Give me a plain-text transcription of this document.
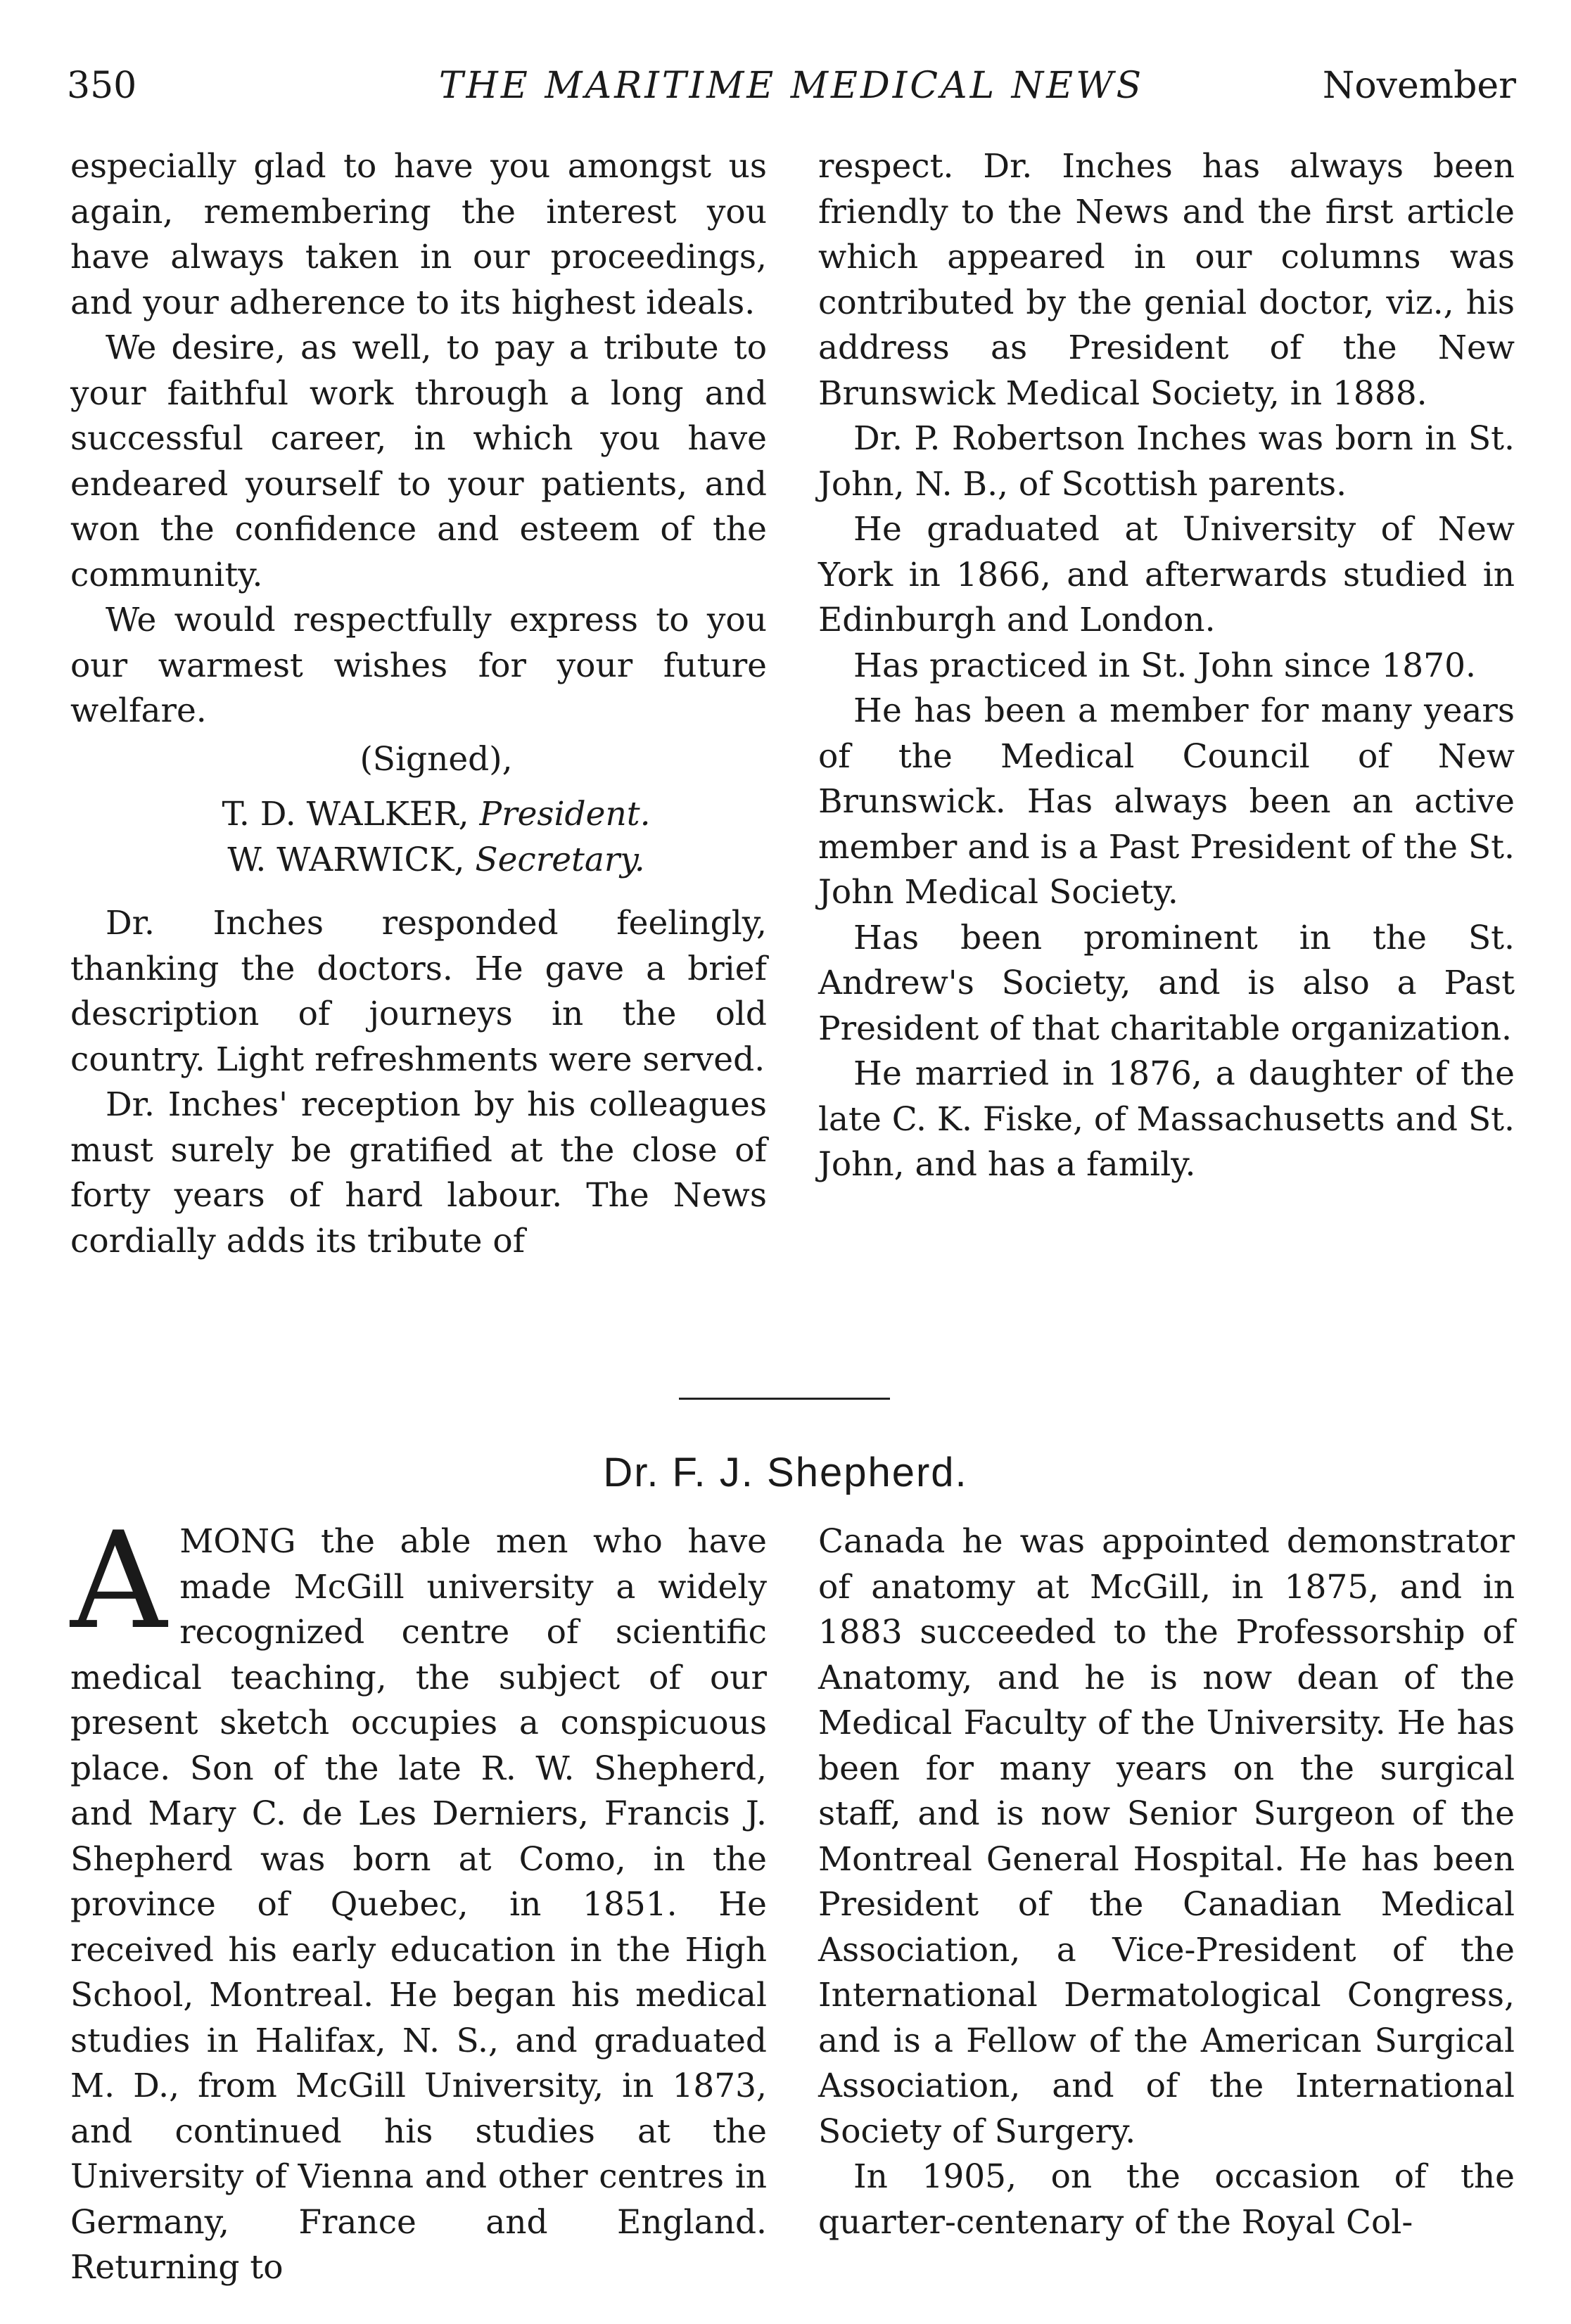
350	THE MARITIME MEDICAL NEWS	November

especially glad to have you amongst us again, remembering the interest you have always taken in our proceedings, and your adherence to its highest ideals.

We desire, as well, to pay a tribute to your faithful work through a long and successful career, in which you have endeared yourself to your patients, and won the confidence and esteem of the community.

We would respectfully express to you our warmest wishes for your future welfare.

(Signed),

T. D. WALKER, President.

W. WARWICK, Secretary.

Dr. Inches responded feelingly, thanking the doctors. He gave a brief description of journeys in the old country. Light refreshments were served.

Dr. Inches' reception by his colleagues must surely be gratified at the close of forty years of hard labour. The News cordially adds its tribute of

respect. Dr. Inches has always been friendly to the News and the first article which appeared in our columns was contributed by the genial doctor, viz., his address as President of the New Brunswick Medical Society, in 1888.

Dr. P. Robertson Inches was born in St. John, N. B., of Scottish parents.

He graduated at University of New York in 1866, and afterwards studied in Edinburgh and London.

Has practiced in St. John since 1870.

He has been a member for many years of the Medical Council of New Brunswick. Has always been an active member and is a Past President of the St. John Medical Society.

Has been prominent in the St. Andrew's Society, and is also a Past President of that charitable organization.

He married in 1876, a daughter of the late C. K. Fiske, of Massachusetts and St. John, and has a family.

Dr. F. J. Shepherd.

AMONG the able men who have made McGill university a widely recognized centre of scientific medical teaching, the subject of our present sketch occupies a conspicuous place. Son of the late R. W. Shepherd, and Mary C. de Les Derniers, Francis J. Shepherd was born at Como, in the province of Quebec, in 1851. He received his early education in the High School, Montreal. He began his medical studies in Halifax, N. S., and graduated M. D., from McGill University, in 1873, and continued his studies at the University of Vienna and other centres in Germany, France and England. Returning to

Canada he was appointed demonstrator of anatomy at McGill, in 1875, and in 1883 succeeded to the Professorship of Anatomy, and he is now dean of the Medical Faculty of the University. He has been for many years on the surgical staff, and is now Senior Surgeon of the Montreal General Hospital. He has been President of the Canadian Medical Association, a Vice-President of the International Dermatological Congress, and is a Fellow of the American Surgical Association, and of the International Society of Surgery.

In 1905, on the occasion of the quarter-centenary of the Royal Col-
